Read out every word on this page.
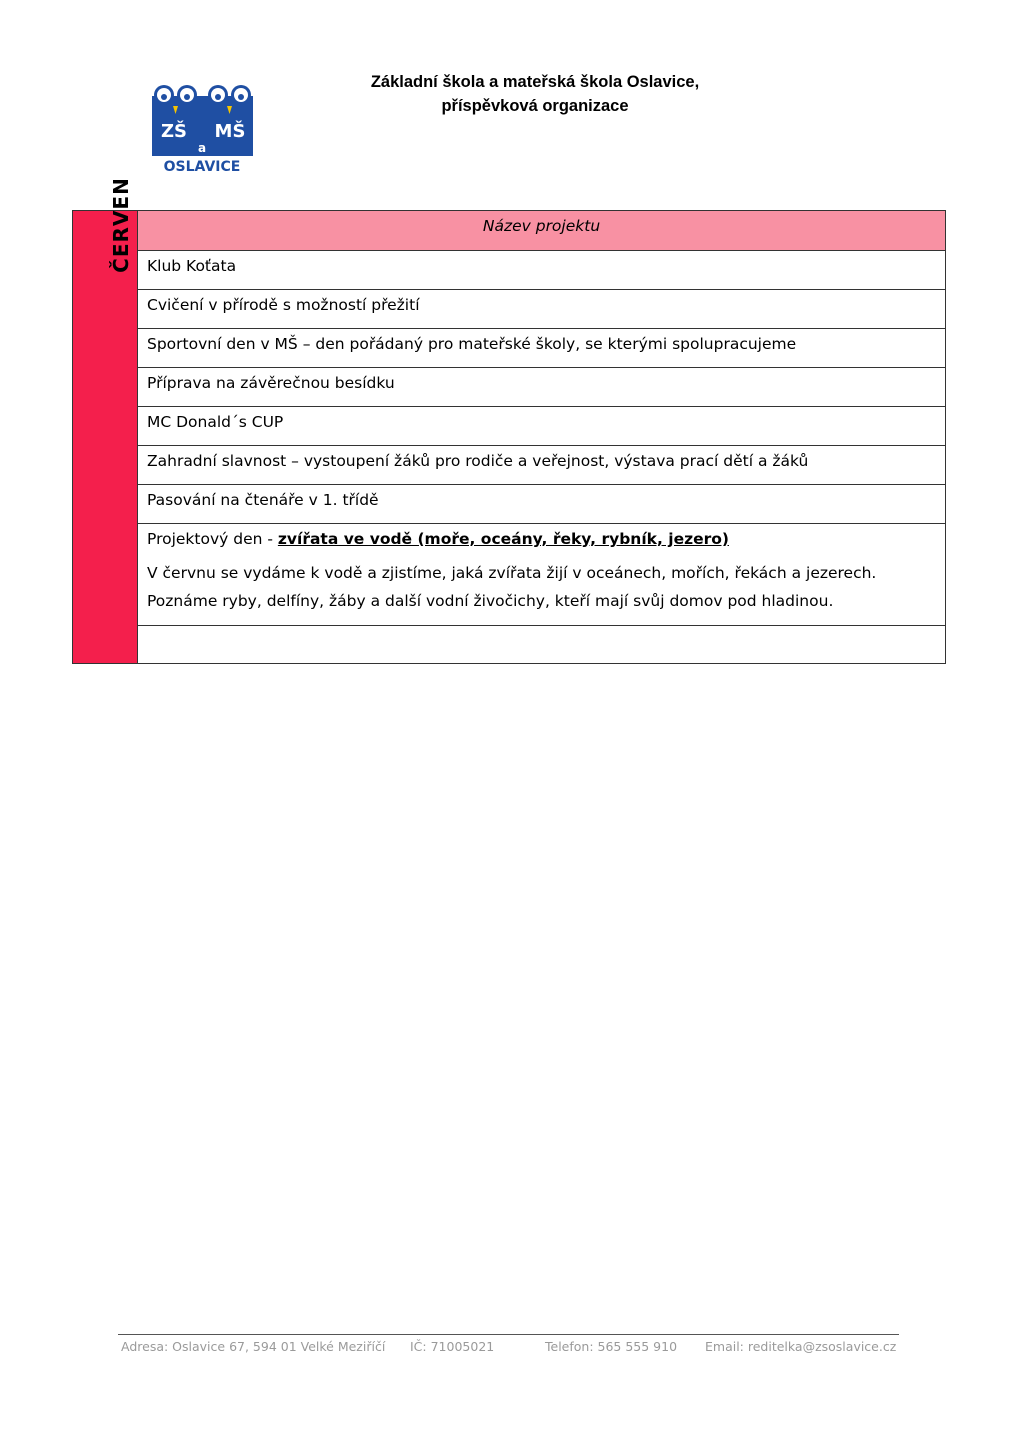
ZŠ MŠ
a
OSLAVICE
Základní škola a mateřská škola Oslavice,
příspěvková organizace
ČERVEN	Název projektu
Klub Koťata
Cvičení v přírodě s možností přežití
Sportovní den v MŠ – den pořádaný pro mateřské školy, se kterými spolupracujeme
Příprava na závěrečnou besídku
MC Donald´s CUP
Zahradní slavnost – vystoupení žáků pro rodiče a veřejnost, výstava prací dětí a žáků
Pasování na čtenáře v 1. třídě

Projektový den - zvířata ve vodě (moře, oceány, řeky, rybník, jezero)
V červnu se vydáme k vodě a zjistíme, jaká zvířata žijí v oceánech, mořích, řekách a jezerech. Poznáme ryby, delfíny, žáby a další vodní živočichy, kteří mají svůj domov pod hladinou.

Adresa: Oslavice 67, 594 01 Velké Meziříčí IČ: 71005021	Telefon: 565 555 910 Email: reditelka@zsoslavice.cz
